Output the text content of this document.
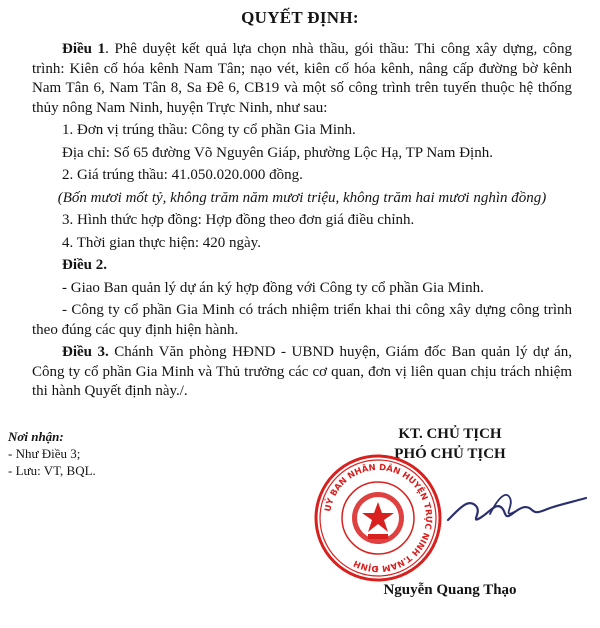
QUYẾT ĐỊNH:

Điều 1. Phê duyệt kết quả lựa chọn nhà thầu, gói thầu: Thi công xây dựng, công trình: Kiên cố hóa kênh Nam Tân; nạo vét, kiên cố hóa kênh, nâng cấp đường bờ kênh Nam Tân 6, Nam Tân 8, Sa Đê 6, CB19 và một số công trình trên tuyến thuộc hệ thống thủy nông Nam Ninh, huyện Trực Ninh, như sau:

1. Đơn vị trúng thầu: Công ty cổ phần Gia Minh.

Địa chỉ: Số 65 đường Võ Nguyên Giáp, phường Lộc Hạ, TP Nam Định.

2. Giá trúng thầu: 41.050.020.000 đồng.

(Bốn mươi mốt tỷ, không trăm năm mươi triệu, không trăm hai mươi nghìn đồng)

3. Hình thức hợp đồng: Hợp đồng theo đơn giá điều chỉnh.

4. Thời gian thực hiện: 420 ngày.

Điều 2.

- Giao Ban quản lý dự án ký hợp đồng với Công ty cổ phần Gia Minh.

- Công ty cổ phần Gia Minh có trách nhiệm triển khai thi công xây dựng công trình theo đúng các quy định hiện hành.

Điều 3. Chánh Văn phòng HĐND - UBND huyện, Giám đốc Ban quản lý dự án, Công ty cổ phần Gia Minh và Thủ trưởng các cơ quan, đơn vị liên quan chịu trách nhiệm thi hành Quyết định này./.

Nơi nhận:
- Như Điều 3;
- Lưu: VT, BQL.
KT. CHỦ TỊCH
PHÓ CHỦ TỊCH
UỶ BAN NHÂN DÂN HUYỆN TRỰC NINH T.NAM ĐỊNH
Nguyễn Quang Thạo
